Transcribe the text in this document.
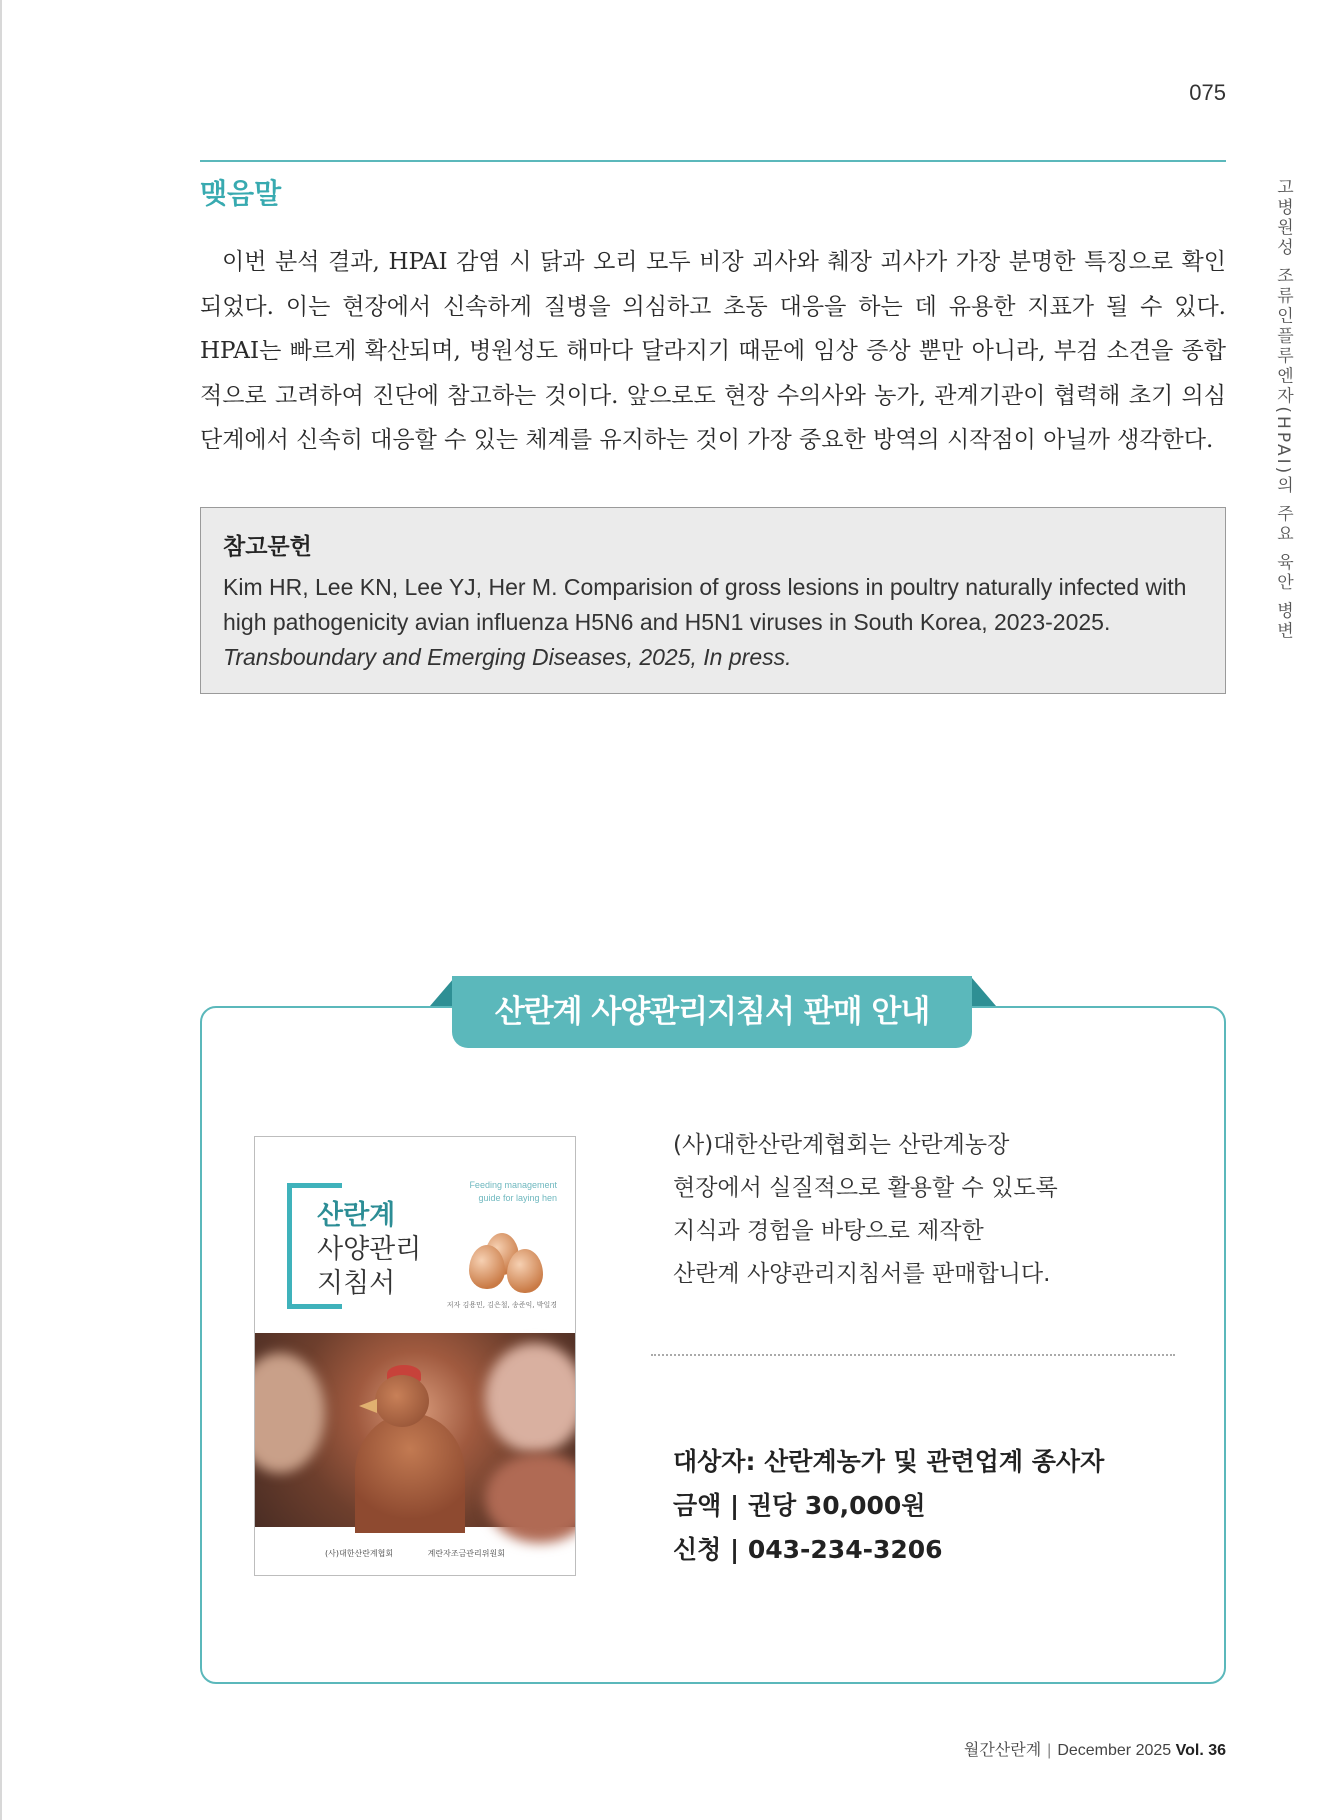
075
고병원성 조류인플루엔자(HPAI)의 주요 육안 병변
맺음말

이번 분석 결과, HPAI 감염 시 닭과 오리 모두 비장 괴사와 췌장 괴사가 가장 분명한 특징으로 확인되었다. 이는 현장에서 신속하게 질병을 의심하고 초동 대응을 하는 데 유용한 지표가 될 수 있다. HPAI는 빠르게 확산되며, 병원성도 해마다 달라지기 때문에 임상 증상 뿐만 아니라, 부검 소견을 종합적으로 고려하여 진단에 참고하는 것이다. 앞으로도 현장 수의사와 농가, 관계기관이 협력해 초기 의심 단계에서 신속히 대응할 수 있는 체계를 유지하는 것이 가장 중요한 방역의 시작점이 아닐까 생각한다.

참고문헌

Kim HR, Lee KN, Lee YJ, Her M. Comparision of gross lesions in poultry naturally infected with high pathogenicity avian influenza H5N6 and H5N1 viruses in South Korea, 2023-2025. Transboundary and Emerging Diseases, 2025, In press.

산란계 사양관리지침서 판매 안내
산란계
사양관리
지침서
Feeding management
guide for laying hen
저자 김용민, 김은철, 송준익, 박일경
(사)대한산란계협회	계란자조금관리위원회
(사)대한산란계협회는 산란계농장
현장에서 실질적으로 활용할 수 있도록
지식과 경험을 바탕으로 제작한
산란계 사양관리지침서를 판매합니다.
대상자: 산란계농가 및 관련업계 종사자
금액 | 권당 30,000원
신청 | 043-234-3206
월간산란계 | December 2025 Vol. 36
